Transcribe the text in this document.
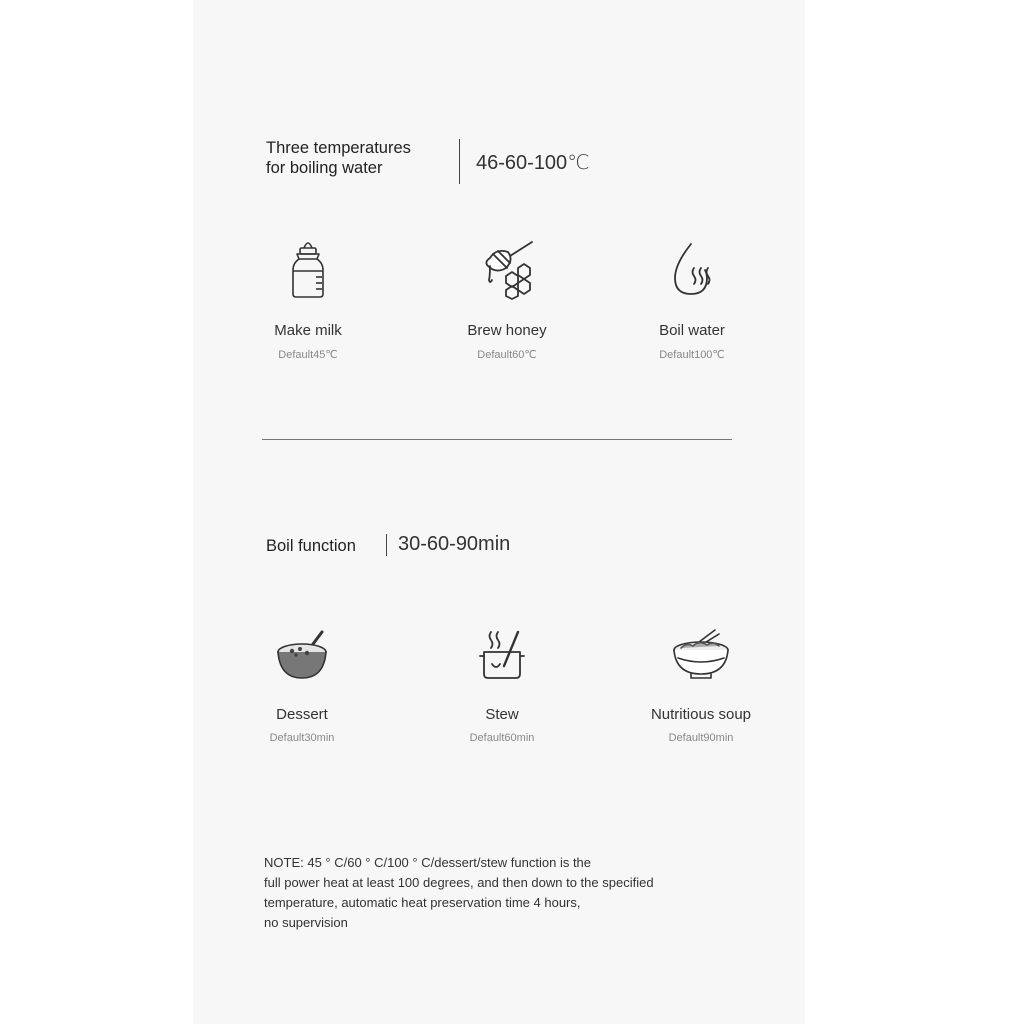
Three temperatures
for boiling water	46-60-100℃
Make milk
Default45℃
Brew honey
Default60℃
Boil water
Default100℃
Boil function 30-60-90min
Dessert
Default30min
Stew
Default60min
Nutritious soup
Default90min
NOTE: 45 ° C/60 ° C/100 ° C/dessert/stew function is the
full power heat at least 100 degrees, and then down to the specified
temperature, automatic heat preservation time 4 hours,
no supervision
